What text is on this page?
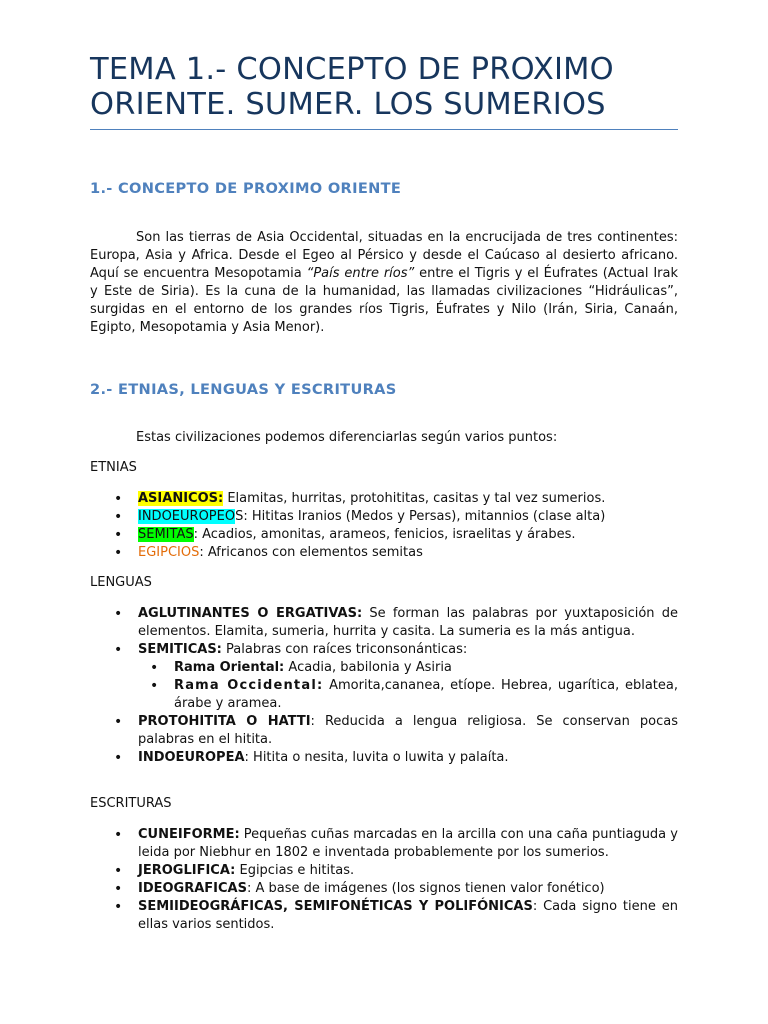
TEMA 1.- CONCEPTO DE PROXIMO
ORIENTE. SUMER. LOS SUMERIOS
1.- CONCEPTO DE PROXIMO ORIENTE
Son las tierras de Asia Occidental, situadas en la encrucijada de tres continentes: Europa, Asia y Africa. Desde el Egeo al Pérsico y desde el Caúcaso al desierto africano. Aquí se encuentra Mesopotamia “País entre ríos” entre el Tigris y el Éufrates (Actual Irak y Este de Siria). Es la cuna de la humanidad, las llamadas civilizaciones “Hidráulicas”, surgidas en el entorno de los grandes ríos Tigris, Éufrates y Nilo (Irán, Siria, Canaán, Egipto, Mesopotamia y Asia Menor).
2.- ETNIAS, LENGUAS Y ESCRITURAS
Estas civilizaciones podemos diferenciarlas según varios puntos:
ETNIAS
• ASIANICOS: Elamitas, hurritas, protohititas, casitas y tal vez sumerios.
• INDOEUROPEOS: Hititas Iranios (Medos y Persas), mitannios (clase alta)
• SEMITAS: Acadios, amonitas, arameos, fenicios, israelitas y árabes.
• EGIPCIOS: Africanos con elementos semitas
LENGUAS
• AGLUTINANTES O ERGATIVAS: Se forman las palabras por yuxtaposición de elementos. Elamita, sumeria, hurrita y casita. La sumeria es la más antigua.
• SEMITICAS: Palabras con raíces triconsonánticas:
• Rama Oriental: Acadia, babilonia y Asiria
• Rama Occidental: Amorita,cananea, etíope. Hebrea, ugarítica, eblatea, árabe y aramea.
• PROTOHITITA O HATTI: Reducida a lengua religiosa. Se conservan pocas palabras en el hitita.
• INDOEUROPEA: Hitita o nesita, luvita o luwita y palaíta.
ESCRITURAS
• CUNEIFORME: Pequeñas cuñas marcadas en la arcilla con una caña puntiaguda y leida por Niebhur en 1802 e inventada probablemente por los sumerios.
• JEROGLIFICA: Egipcias e hititas.
• IDEOGRAFICAS: A base de imágenes (los signos tienen valor fonético)
• SEMIIDEOGRÁFICAS, SEMIFONÉTICAS Y POLIFÓNICAS: Cada signo tiene en ellas varios sentidos.
